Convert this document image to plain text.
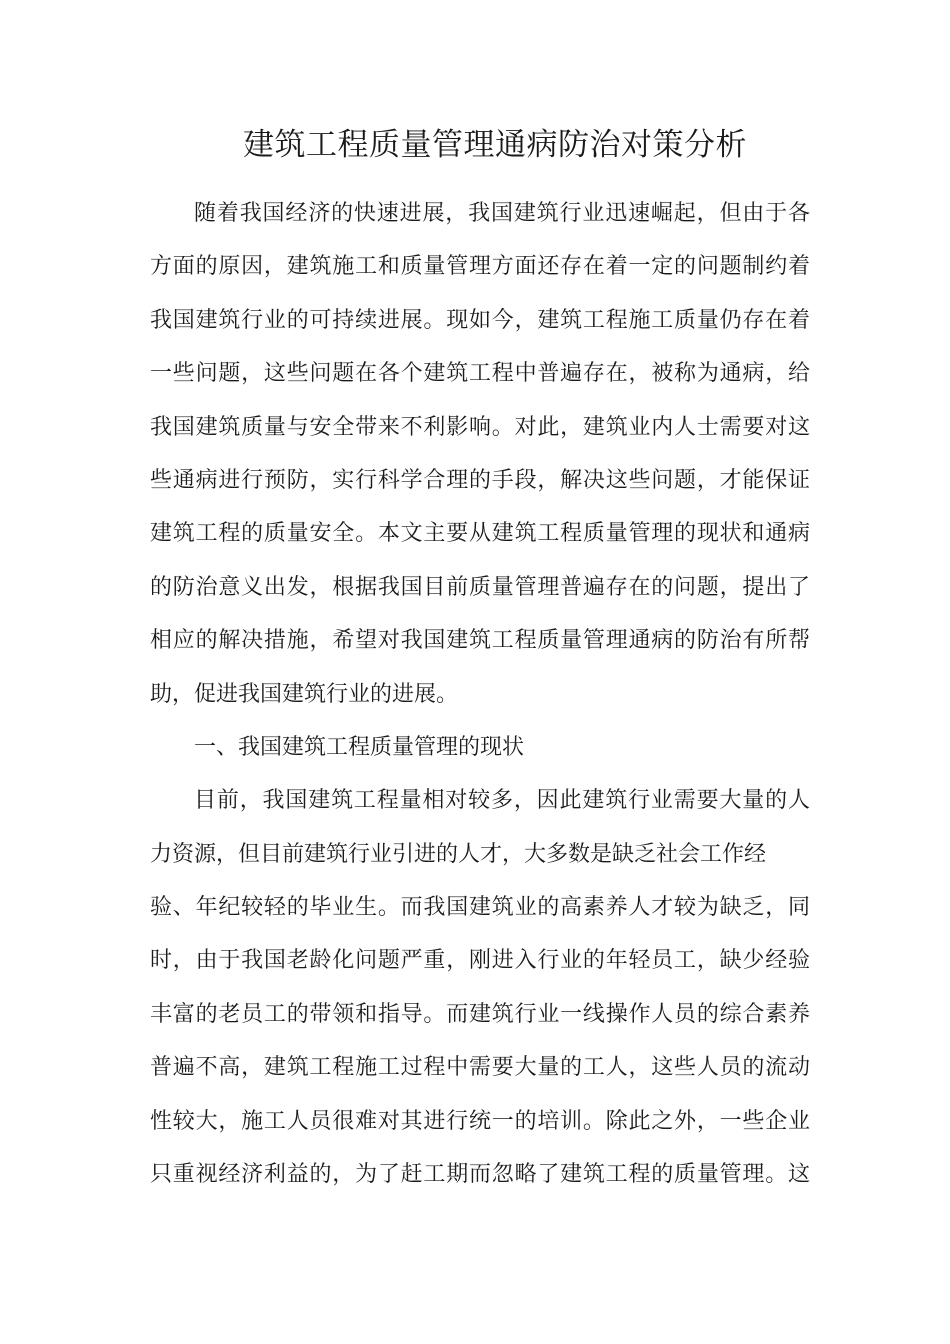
建筑工程质量管理通病防治对策分析
随着我国经济的快速进展，我国建筑行业迅速崛起，但由于各
方面的原因，建筑施工和质量管理方面还存在着一定的问题制约着
我国建筑行业的可持续进展。现如今，建筑工程施工质量仍存在着
一些问题，这些问题在各个建筑工程中普遍存在，被称为通病，给
我国建筑质量与安全带来不利影响。对此，建筑业内人士需要对这
些通病进行预防，实行科学合理的手段，解决这些问题，才能保证
建筑工程的质量安全。本文主要从建筑工程质量管理的现状和通病
的防治意义出发，根据我国目前质量管理普遍存在的问题，提出了
相应的解决措施，希望对我国建筑工程质量管理通病的防治有所帮
助，促进我国建筑行业的进展。
一、我国建筑工程质量管理的现状
目前，我国建筑工程量相对较多，因此建筑行业需要大量的人
力资源，但目前建筑行业引进的人才，大多数是缺乏社会工作经
验、年纪较轻的毕业生。而我国建筑业的高素养人才较为缺乏，同
时，由于我国老龄化问题严重，刚进入行业的年轻员工，缺少经验
丰富的老员工的带领和指导。而建筑行业一线操作人员的综合素养
普遍不高，建筑工程施工过程中需要大量的工人，这些人员的流动
性较大，施工人员很难对其进行统一的培训。除此之外，一些企业
只重视经济利益的，为了赶工期而忽略了建筑工程的质量管理。这
